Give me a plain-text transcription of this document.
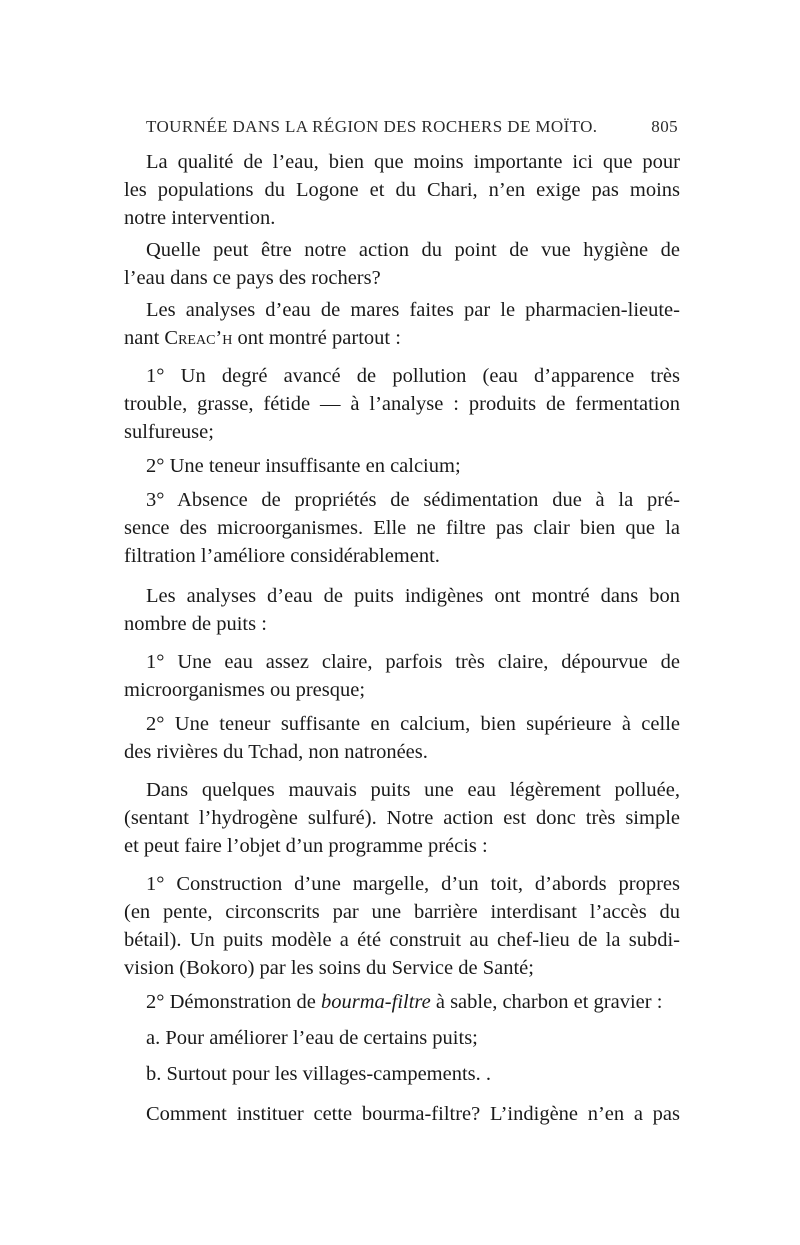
TOURNÉE DANS LA RÉGION DES ROCHERS DE MOÏTO.	805
La qualité de l’eau, bien que moins importante ici que pour
les populations du Logone et du Chari, n’en exige pas moins
notre intervention.
Quelle peut être notre action du point de vue hygiène de
l’eau dans ce pays des rochers?
Les analyses d’eau de mares faites par le pharmacien-lieute-
nant Creac’h ont montré partout :
1° Un degré avancé de pollution (eau d’apparence très
trouble, grasse, fétide — à l’analyse : produits de fermentation
sulfureuse;
2° Une teneur insuffisante en calcium;
3° Absence de propriétés de sédimentation due à la pré-
sence des microorganismes. Elle ne filtre pas clair bien que la
filtration l’améliore considérablement.
Les analyses d’eau de puits indigènes ont montré dans bon
nombre de puits :
1° Une eau assez claire, parfois très claire, dépourvue de
microorganismes ou presque;
2° Une teneur suffisante en calcium, bien supérieure à celle
des rivières du Tchad, non natronées.
Dans quelques mauvais puits une eau légèrement polluée,
(sentant l’hydrogène sulfuré). Notre action est donc très simple
et peut faire l’objet d’un programme précis :
1° Construction d’une margelle, d’un toit, d’abords propres
(en pente, circonscrits par une barrière interdisant l’accès du
bétail). Un puits modèle a été construit au chef-lieu de la subdi-
vision (Bokoro) par les soins du Service de Santé;
2° Démonstration de bourma-filtre à sable, charbon et gravier :
a. Pour améliorer l’eau de certains puits;
b. Surtout pour les villages-campements. .
Comment instituer cette bourma-filtre? L’indigène n’en a pas
